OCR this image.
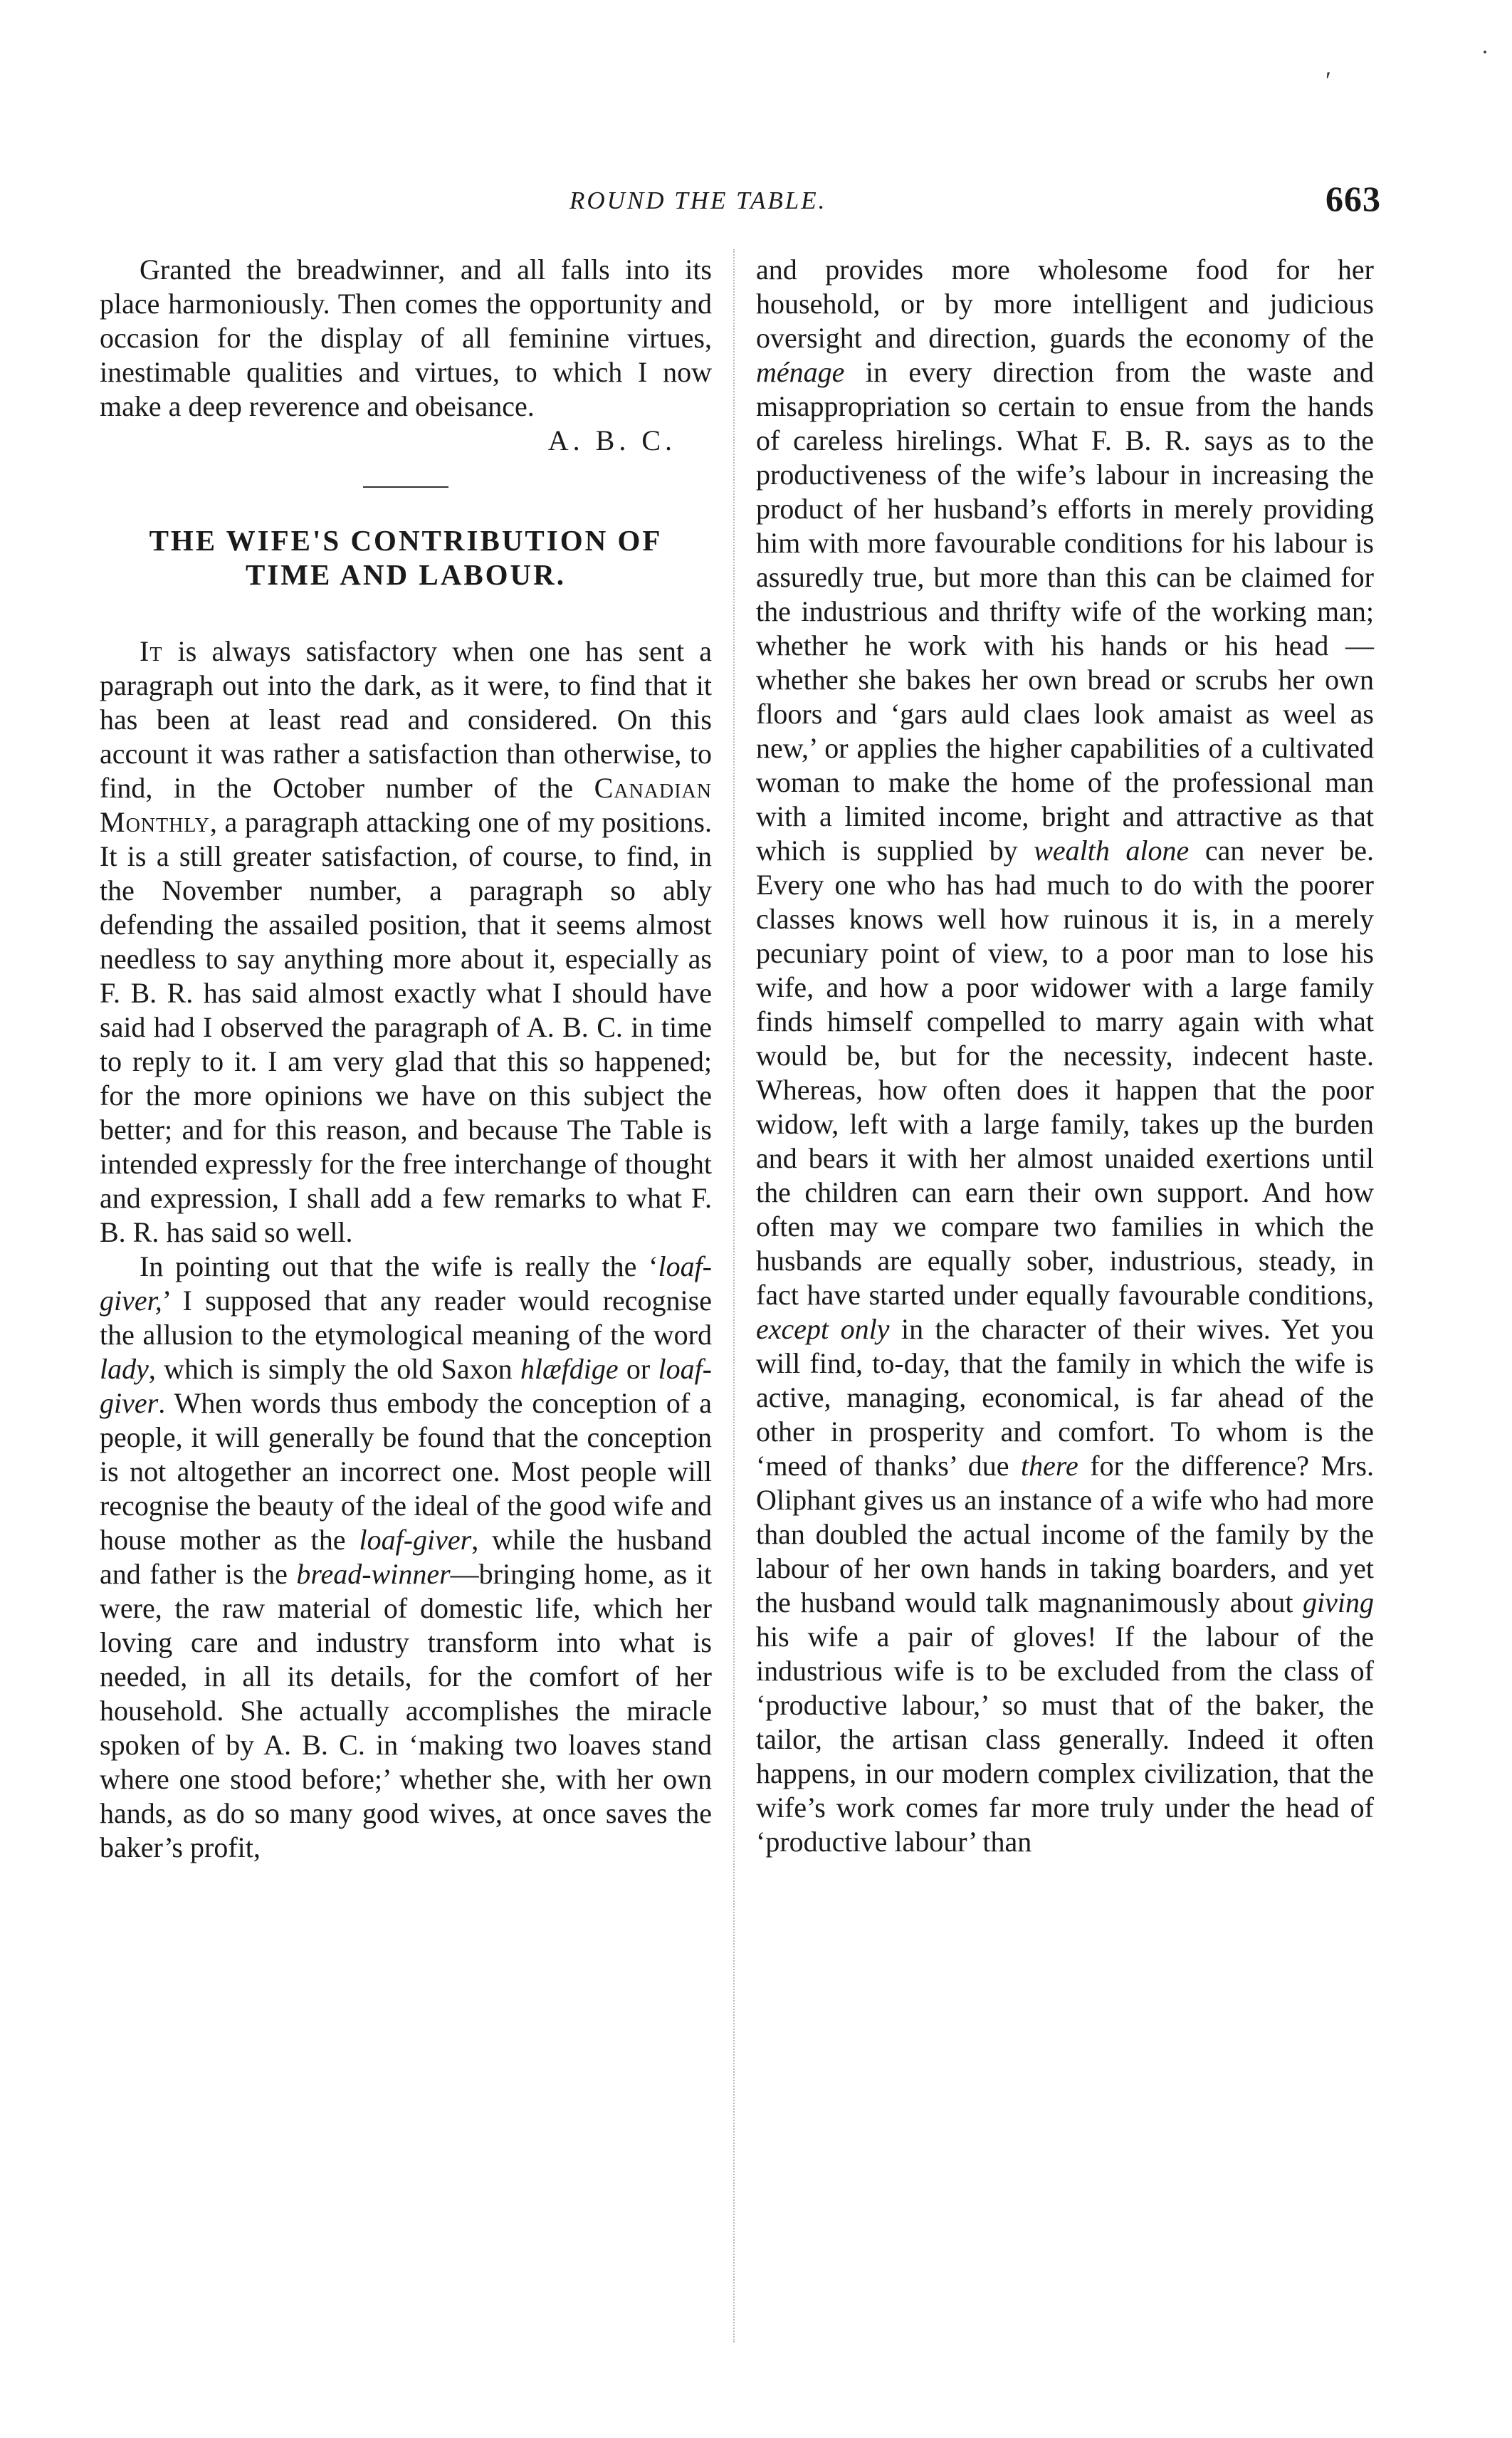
′
˙
ROUND THE TABLE.	663

Granted the breadwinner, and all falls into its place harmoniously. Then comes the opportunity and occasion for the display of all feminine virtues, inestimable qualities and virtues, to which I now make a deep reverence and obeisance.

A. B. C.

THE WIFE'S CONTRIBUTION OF
TIME AND LABOUR.

It is always satisfactory when one has sent a paragraph out into the dark, as it were, to find that it has been at least read and considered. On this account it was rather a satisfaction than otherwise, to find, in the October number of the Canadian Monthly, a paragraph attacking one of my positions. It is a still greater satisfaction, of course, to find, in the November number, a paragraph so ably defending the assailed position, that it seems almost needless to say anything more about it, especially as F. B. R. has said almost exactly what I should have said had I observed the paragraph of A. B. C. in time to reply to it. I am very glad that this so happened; for the more opinions we have on this subject the better; and for this reason, and because The Table is intended expressly for the free interchange of thought and expression, I shall add a few remarks to what F. B. R. has said so well.

In pointing out that the wife is really the ‘loaf-giver,’ I supposed that any reader would recognise the allusion to the etymological meaning of the word lady, which is simply the old Saxon hlæfdige or loaf-giver. When words thus embody the conception of a people, it will generally be found that the conception is not altogether an incorrect one. Most people will recognise the beauty of the ideal of the good wife and house mother as the loaf-giver, while the husband and father is the bread-winner—bringing home, as it were, the raw material of domestic life, which her loving care and industry transform into what is needed, in all its details, for the comfort of her household. She actually accomplishes the miracle spoken of by A. B. C. in ‘making two loaves stand where one stood before;’ whether she, with her own hands, as do so many good wives, at once saves the baker’s profit,

and provides more wholesome food for her household, or by more intelligent and judicious oversight and direction, guards the economy of the ménage in every direction from the waste and misappropriation so certain to ensue from the hands of careless hirelings. What F. B. R. says as to the productiveness of the wife’s labour in increasing the product of her husband’s efforts in merely providing him with more favourable conditions for his labour is assuredly true, but more than this can be claimed for the industrious and thrifty wife of the working man; whether he work with his hands or his head — whether she bakes her own bread or scrubs her own floors and ‘gars auld claes look amaist as weel as new,’ or applies the higher capabilities of a cultivated woman to make the home of the professional man with a limited income, bright and attractive as that which is supplied by wealth alone can never be. Every one who has had much to do with the poorer classes knows well how ruinous it is, in a merely pecuniary point of view, to a poor man to lose his wife, and how a poor widower with a large family finds himself compelled to marry again with what would be, but for the necessity, indecent haste. Whereas, how often does it happen that the poor widow, left with a large family, takes up the burden and bears it with her almost unaided exertions until the children can earn their own support. And how often may we compare two families in which the husbands are equally sober, industrious, steady, in fact have started under equally favourable conditions, except only in the character of their wives. Yet you will find, to-day, that the family in which the wife is active, managing, economical, is far ahead of the other in prosperity and comfort. To whom is the ‘meed of thanks’ due there for the difference? Mrs. Oliphant gives us an instance of a wife who had more than doubled the actual income of the family by the labour of her own hands in taking boarders, and yet the husband would talk magnanimously about giving his wife a pair of gloves! If the labour of the industrious wife is to be excluded from the class of ‘productive labour,’ so must that of the baker, the tailor, the artisan class generally. Indeed it often happens, in our modern complex civilization, that the wife’s work comes far more truly under the head of ‘productive labour’ than
